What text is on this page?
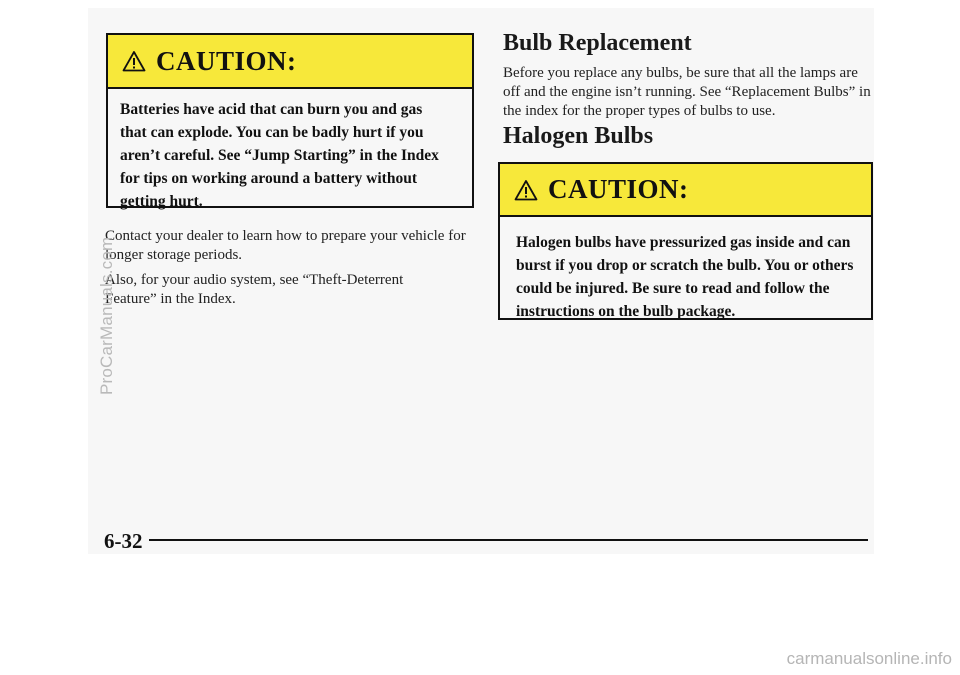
CAUTION:
Batteries have acid that can burn you and gas that can explode. You can be badly hurt if you aren’t careful. See “Jump Starting” in the Index for tips on working around a battery without getting hurt.
Contact your dealer to learn how to prepare your vehicle for longer storage periods.
Also, for your audio system, see “Theft-Deterrent Feature” in the Index.
Bulb Replacement
Before you replace any bulbs, be sure that all the lamps are off and the engine isn’t running. See “Replacement Bulbs” in the index for the proper types of bulbs to use.
Halogen Bulbs
CAUTION:
Halogen bulbs have pressurized gas inside and can burst if you drop or scratch the bulb. You or others could be injured. Be sure to read and follow the instructions on the bulb package.
6-32
ProCarManuals.com
carmanualsonline.info
